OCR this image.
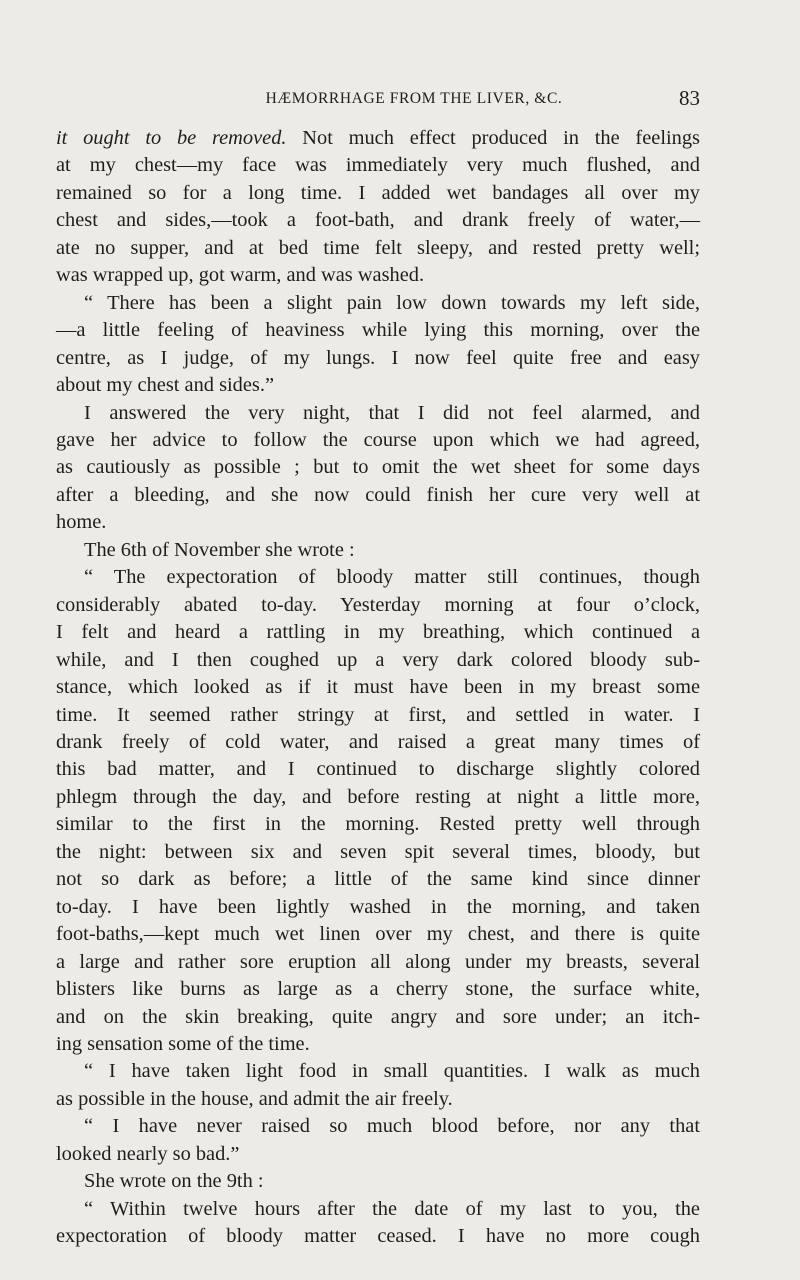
HÆMORRHAGE FROM THE LIVER, &C.	83
it ought to be removed. Not much effect produced in the feelings
at my chest—my face was immediately very much flushed, and
remained so for a long time. I added wet bandages all over my
chest and sides,—took a foot-bath, and drank freely of water,—
ate no supper, and at bed time felt sleepy, and rested pretty well;
was wrapped up, got warm, and was washed.
“ There has been a slight pain low down towards my left side,
—a little feeling of heaviness while lying this morning, over the
centre, as I judge, of my lungs. I now feel quite free and easy
about my chest and sides.”
I answered the very night, that I did not feel alarmed, and
gave her advice to follow the course upon which we had agreed,
as cautiously as possible ; but to omit the wet sheet for some days
after a bleeding, and she now could finish her cure very well at
home.
The 6th of November she wrote :
“ The expectoration of bloody matter still continues, though
considerably abated to-day. Yesterday morning at four o’clock,
I felt and heard a rattling in my breathing, which continued a
while, and I then coughed up a very dark colored bloody sub-
stance, which looked as if it must have been in my breast some
time. It seemed rather stringy at first, and settled in water. I
drank freely of cold water, and raised a great many times of
this bad matter, and I continued to discharge slightly colored
phlegm through the day, and before resting at night a little more,
similar to the first in the morning. Rested pretty well through
the night: between six and seven spit several times, bloody, but
not so dark as before; a little of the same kind since dinner
to-day. I have been lightly washed in the morning, and taken
foot-baths,—kept much wet linen over my chest, and there is quite
a large and rather sore eruption all along under my breasts, several
blisters like burns as large as a cherry stone, the surface white,
and on the skin breaking, quite angry and sore under; an itch-
ing sensation some of the time.
“ I have taken light food in small quantities. I walk as much
as possible in the house, and admit the air freely.
“ I have never raised so much blood before, nor any that
looked nearly so bad.”
She wrote on the 9th :
“ Within twelve hours after the date of my last to you, the
expectoration of bloody matter ceased. I have no more cough
